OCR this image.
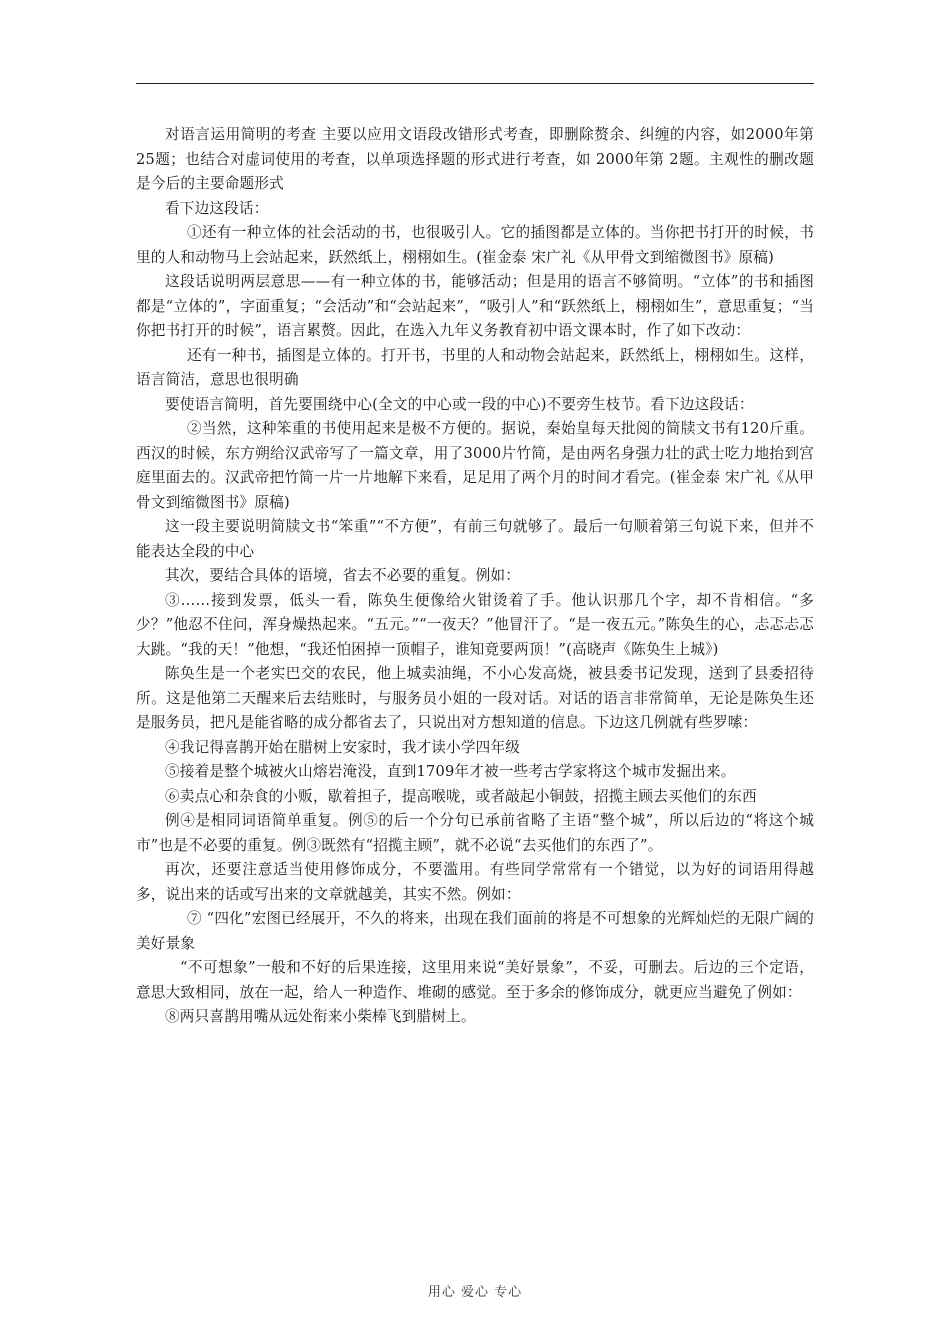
对语言运用简明的考查 主要以应用文语段改错形式考查，即删除赘余、纠缠的内容，如2000年第 25题；也结合对虚词使用的考查，以单项选择题的形式进行考查，如 2000年第 2题。主观性的删改题是今后的主要命题形式

看下边这段话：

①还有一种立体的社会活动的书，也很吸引人。它的插图都是立体的。当你把书打开的时候，书里的人和动物马上会站起来，跃然纸上，栩栩如生。(崔金泰 宋广礼《从甲骨文到缩微图书》原稿)

这段话说明两层意思——有一种立体的书，能够活动；但是用的语言不够简明。“立体”的书和插图都是“立体的”，字面重复；“会活动”和“会站起来”，“吸引人”和“跃然纸上，栩栩如生”，意思重复；“当你把书打开的时候”，语言累赘。因此，在选入九年义务教育初中语文课本时，作了如下改动：

还有一种书，插图是立体的。打开书，书里的人和动物会站起来，跃然纸上，栩栩如生。这样，语言简洁，意思也很明确

要使语言简明，首先要围绕中心(全文的中心或一段的中心)不要旁生枝节。看下边这段话：

②当然，这种笨重的书使用起来是极不方便的。据说，秦始皇每天批阅的简牍文书有120斤重。西汉的时候，东方朔给汉武帝写了一篇文章，用了3000片竹简，是由两名身强力壮的武士吃力地抬到宫庭里面去的。汉武帝把竹简一片一片地解下来看，足足用了两个月的时间才看完。(崔金泰 宋广礼《从甲骨文到缩微图书》原稿)

这一段主要说明简牍文书“笨重”“不方便”，有前三句就够了。最后一句顺着第三句说下来，但并不能表达全段的中心

其次，要结合具体的语境，省去不必要的重复。例如：

③……接到发票，低头一看，陈奂生便像给火钳烫着了手。他认识那几个字，却不肯相信。“多少？”他忍不住问，浑身燥热起来。“五元。”“一夜天？”他冒汗了。“是一夜五元。”陈奂生的心，忐忑忐忑大跳。“我的天！”他想，“我还怕困掉一顶帽子，谁知竟要两顶！”(高晓声《陈奂生上城》)

陈奂生是一个老实巴交的农民，他上城卖油绳，不小心发高烧，被县委书记发现，送到了县委招待所。这是他第二天醒来后去结账时，与服务员小姐的一段对话。对话的语言非常简单，无论是陈奂生还是服务员，把凡是能省略的成分都省去了，只说出对方想知道的信息。下边这几例就有些罗嗦：

④我记得喜鹊开始在腊树上安家时，我才读小学四年级

⑤接着是整个城被火山熔岩淹没，直到1709年才被一些考古学家将这个城市发掘出来。

⑥卖点心和杂食的小贩，歇着担子，提高喉咙，或者敲起小铜鼓，招揽主顾去买他们的东西

例④是相同词语简单重复。例⑤的后一个分句已承前省略了主语“整个城”，所以后边的“将这个城市”也是不必要的重复。例③既然有“招揽主顾”，就不必说“去买他们的东西了”。

再次，还要注意适当使用修饰成分，不要滥用。有些同学常常有一个错觉，以为好的词语用得越多，说出来的话或写出来的文章就越美，其实不然。例如：

⑦ “四化”宏图已经展开，不久的将来，出现在我们面前的将是不可想象的光辉灿烂的无限广阔的美好景象

“不可想象”一般和不好的后果连接，这里用来说“美好景象”，不妥，可删去。后边的三个定语，意思大致相同，放在一起，给人一种造作、堆砌的感觉。至于多余的修饰成分，就更应当避免了例如：

⑧两只喜鹊用嘴从远处衔来小柴棒飞到腊树上。

用心 爱心 专心
